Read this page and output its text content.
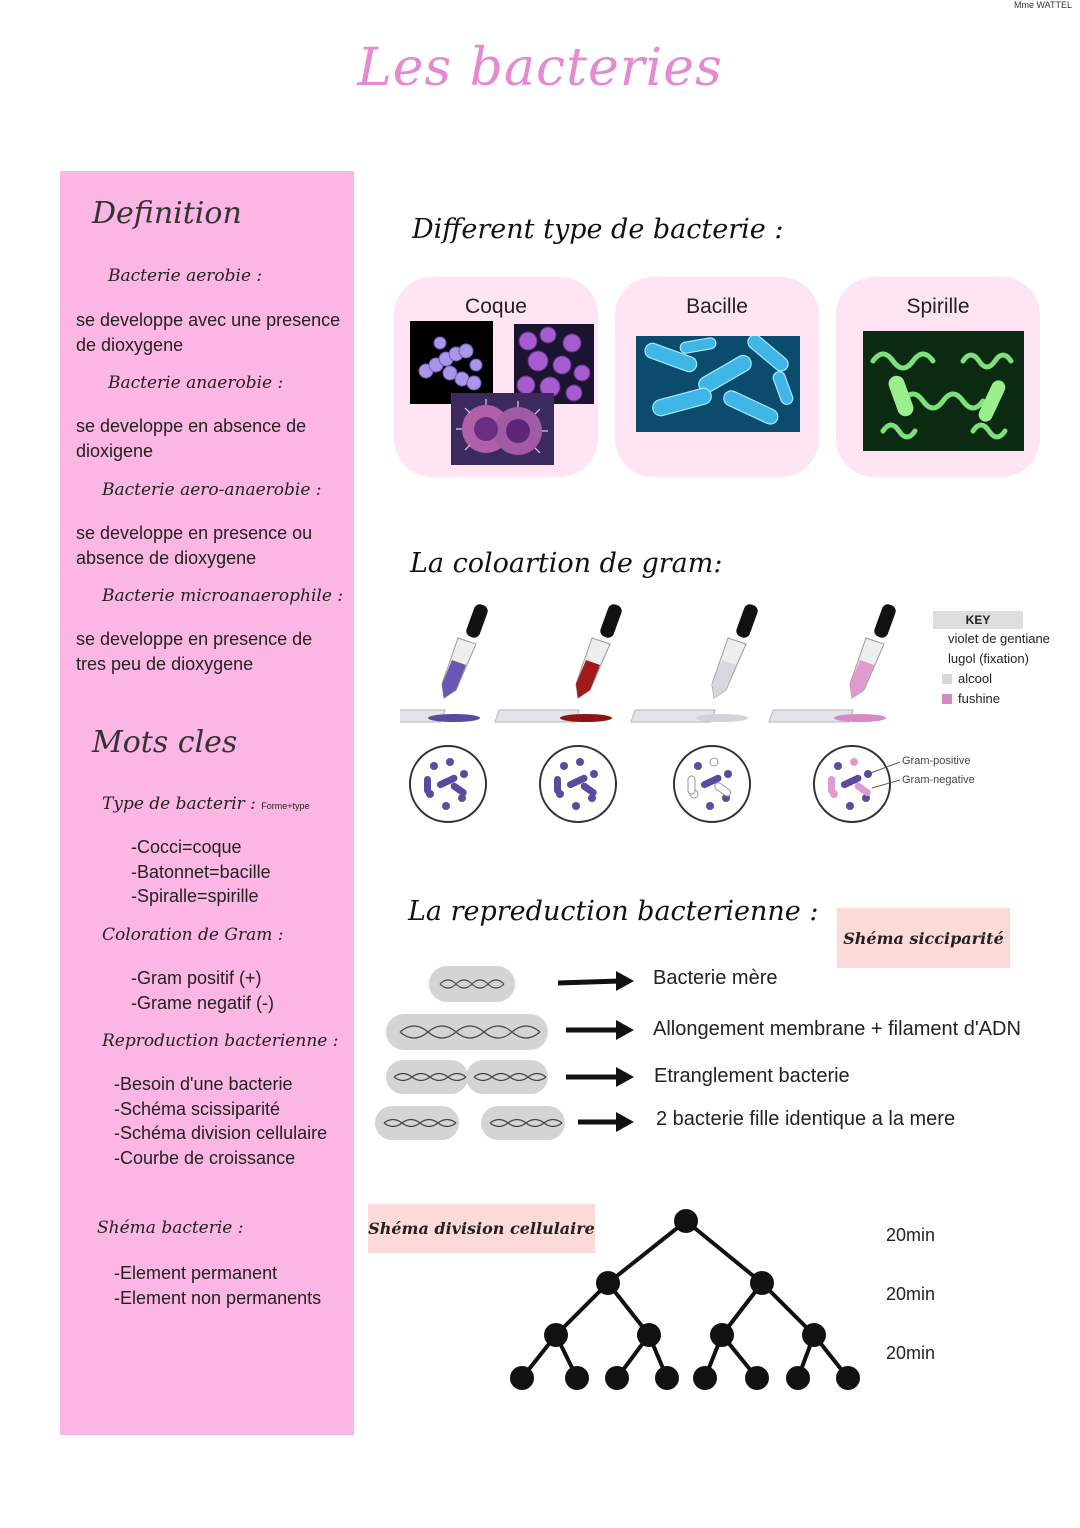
Mme WATTEL
Les bacteries
Definition
Bacterie aerobie :
se developpe avec une presence de dioxygene
Bacterie anaerobie :
se developpe en absence de dioxigene
Bacterie aero-anaerobie :
se developpe en presence ou absence de dioxygene
Bacterie microanaerophile :
se developpe en presence de tres peu de dioxygene
Mots cles
Type de bacterir : Forme+type
-Cocci=coque
-Batonnet=bacille
-Spiralle=spirille
Coloration de Gram :
-Gram positif (+)
-Grame negatif (-)
Reproduction bacterienne :
-Besoin d'une bacterie
-Schéma scissiparité
-Schéma division cellulaire
-Courbe de croissance
Shéma bacterie :
-Element permanent
-Element non permanents
Different type de bacterie :
Coque	Bacille	Spirille
La coloartion de gram:
Gram-positive
Gram-negative
KEY
violet de gentiane
lugol (fixation)
alcool
fushine
La repreduction bacterienne :
Shéma sicciparité
Bacterie mère
Allongement membrane + filament d'ADN
Etranglement bacterie
2 bacterie fille identique a la mere
Shéma division cellulaire	20min
20min
20min
